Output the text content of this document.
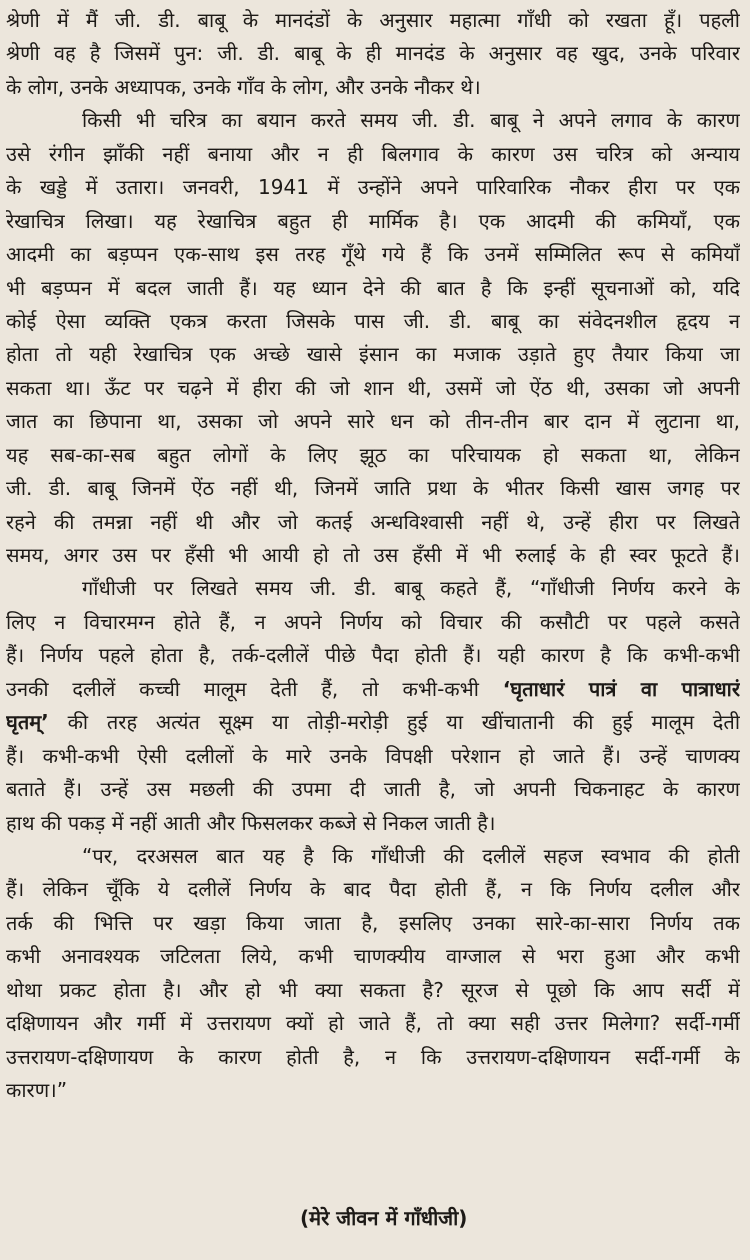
श्रेणी में मैं जी. डी. बाबू के मानदंडों के अनुसार महात्मा गाँधी को रखता हूँ। पहली
श्रेणी वह है जिसमें पुन: जी. डी. बाबू के ही मानदंड के अनुसार वह खुद, उनके परिवार
के लोग, उनके अध्यापक, उनके गाँव के लोग, और उनके नौकर थे।
किसी भी चरित्र का बयान करते समय जी. डी. बाबू ने अपने लगाव के कारण
उसे रंगीन झाँकी नहीं बनाया और न ही बिलगाव के कारण उस चरित्र को अन्याय
के खड्डे में उतारा। जनवरी, 1941 में उन्होंने अपने पारिवारिक नौकर हीरा पर एक
रेखाचित्र लिखा। यह रेखाचित्र बहुत ही मार्मिक है। एक आदमी की कमियाँ, एक
आदमी का बड़प्पन एक-साथ इस तरह गूँथे गये हैं कि उनमें सम्मिलित रूप से कमियाँ
भी बड़प्पन में बदल जाती हैं। यह ध्यान देने की बात है कि इन्हीं सूचनाओं को, यदि
कोई ऐसा व्यक्ति एकत्र करता जिसके पास जी. डी. बाबू का संवेदनशील हृदय न
होता तो यही रेखाचित्र एक अच्छे खासे इंसान का मजाक उड़ाते हुए तैयार किया जा
सकता था। ऊँट पर चढ़ने में हीरा की जो शान थी, उसमें जो ऐंठ थी, उसका जो अपनी
जात का छिपाना था, उसका जो अपने सारे धन को तीन-तीन बार दान में लुटाना था,
यह सब-का-सब बहुत लोगों के लिए झूठ का परिचायक हो सकता था, लेकिन
जी. डी. बाबू जिनमें ऐंठ नहीं थी, जिनमें जाति प्रथा के भीतर किसी खास जगह पर
रहने की तमन्ना नहीं थी और जो कतई अन्धविश्वासी नहीं थे, उन्हें हीरा पर लिखते
समय, अगर उस पर हँसी भी आयी हो तो उस हँसी में भी रुलाई के ही स्वर फूटते हैं।
गाँधीजी पर लिखते समय जी. डी. बाबू कहते हैं, “गाँधीजी निर्णय करने के
लिए न विचारमग्न होते हैं, न अपने निर्णय को विचार की कसौटी पर पहले कसते
हैं। निर्णय पहले होता है, तर्क-दलीलें पीछे पैदा होती हैं। यही कारण है कि कभी-कभी
उनकी दलीलें कच्ची मालूम देती हैं, तो कभी-कभी ‘घृताधारं पात्रं वा पात्राधारं
घृतम्’ की तरह अत्यंत सूक्ष्म या तोड़ी-मरोड़ी हुई या खींचातानी की हुई मालूम देती
हैं। कभी-कभी ऐसी दलीलों के मारे उनके विपक्षी परेशान हो जाते हैं। उन्हें चाणक्य
बताते हैं। उन्हें उस मछली की उपमा दी जाती है, जो अपनी चिकनाहट के कारण
हाथ की पकड़ में नहीं आती और फिसलकर कब्जे से निकल जाती है।
“पर, दरअसल बात यह है कि गाँधीजी की दलीलें सहज स्वभाव की होती
हैं। लेकिन चूँकि ये दलीलें निर्णय के बाद पैदा होती हैं, न कि निर्णय दलील और
तर्क की भित्ति पर खड़ा किया जाता है, इसलिए उनका सारे-का-सारा निर्णय तक
कभी अनावश्यक जटिलता लिये, कभी चाणक्यीय वाग्जाल से भरा हुआ और कभी
थोथा प्रकट होता है। और हो भी क्या सकता है? सूरज से पूछो कि आप सर्दी में
दक्षिणायन और गर्मी में उत्तरायण क्यों हो जाते हैं, तो क्या सही उत्तर मिलेगा? सर्दी-गर्मी
उत्तरायण-दक्षिणायण के कारण होती है, न कि उत्तरायण-दक्षिणायन सर्दी-गर्मी के
कारण।”
(मेरे जीवन में गाँधीजी)
